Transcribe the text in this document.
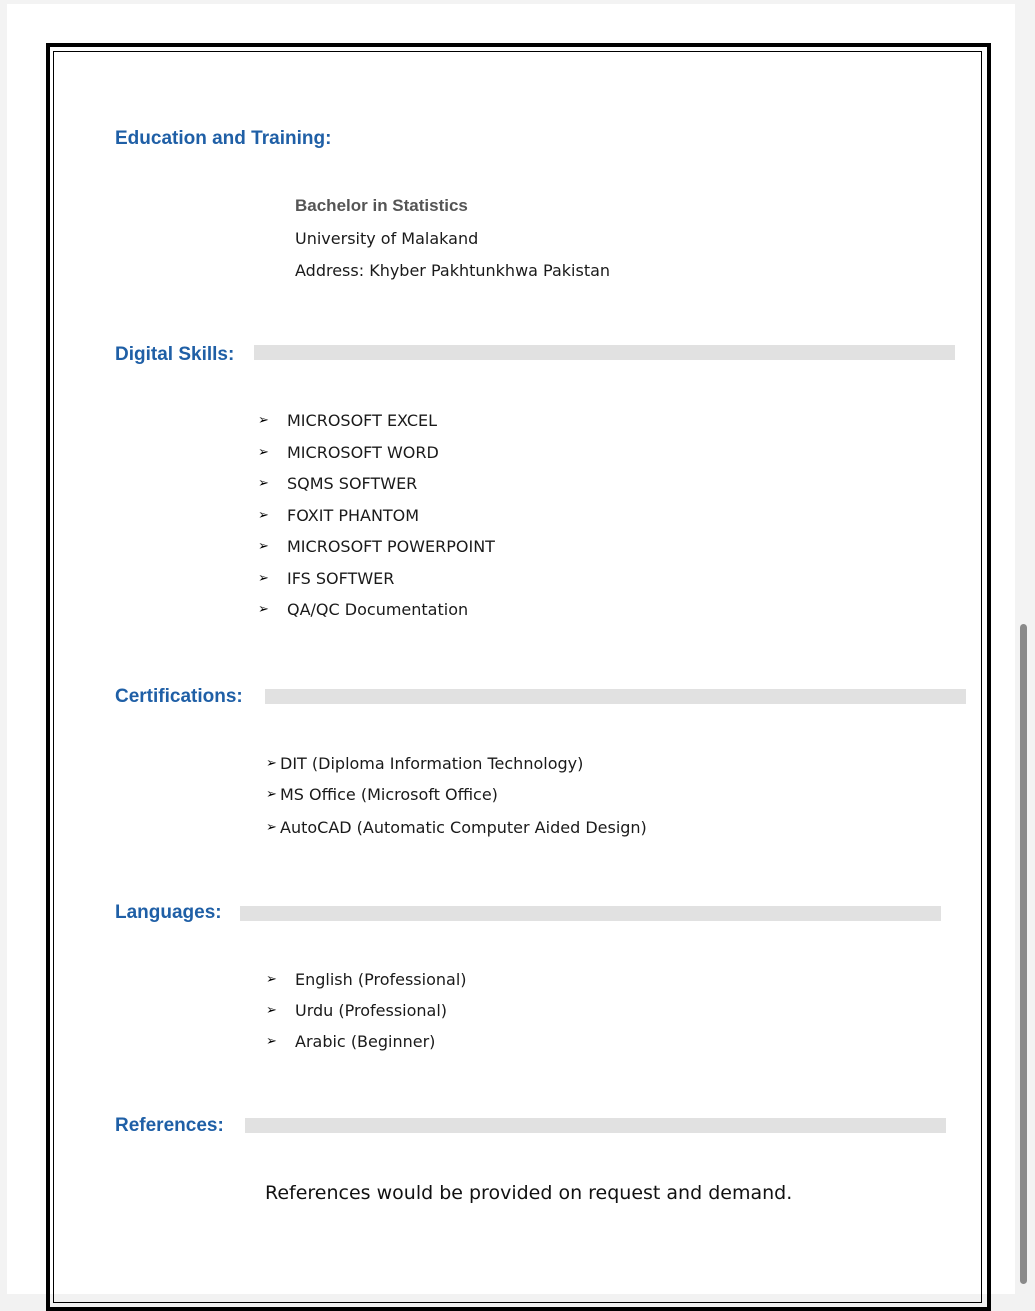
Education and Training:
Bachelor in Statistics
University of Malakand
Address: Khyber Pakhtunkhwa Pakistan
Digital Skills:
➢ MICROSOFT EXCEL
➢ MICROSOFT WORD
➢ SQMS SOFTWER
➢ FOXIT PHANTOM
➢ MICROSOFT POWERPOINT
➢ IFS SOFTWER
➢ QA/QC Documentation
Certifications:
➢ DIT (Diploma Information Technology)
➢ MS Office (Microsoft Office)
➢ AutoCAD (Automatic Computer Aided Design)
Languages:
➢ English (Professional)
➢ Urdu (Professional)
➢ Arabic (Beginner)
References:
References would be provided on request and demand.
